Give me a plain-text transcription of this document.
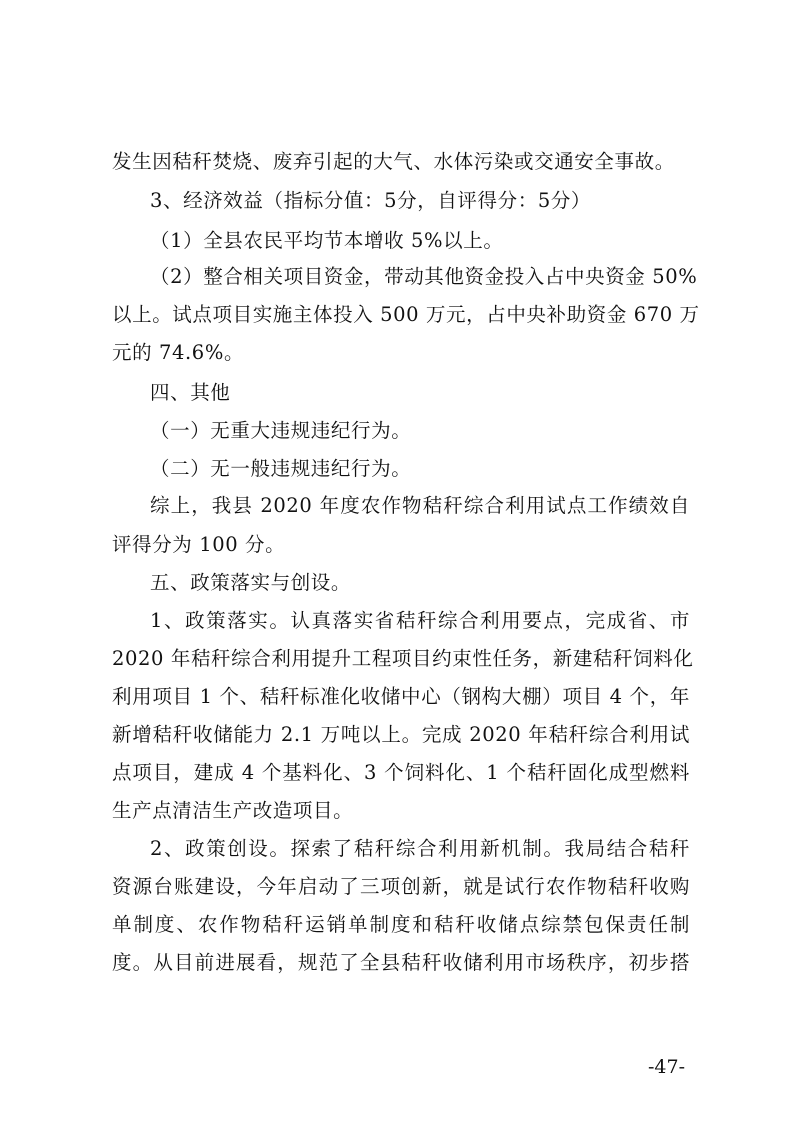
发生因秸秆焚烧、废弃引起的大气、水体污染或交通安全事故。
3、经济效益（指标分值：5分，自评得分：5分）
（1）全县农民平均节本增收 5%以上。
（2）整合相关项目资金，带动其他资金投入占中央资金 50%
以上。试点项目实施主体投入 500 万元，占中央补助资金 670 万
元的 74.6%。
四、其他
（一）无重大违规违纪行为。
（二）无一般违规违纪行为。
综上，我县 2020 年度农作物秸秆综合利用试点工作绩效自
评得分为 100 分。
五、政策落实与创设。
1、政策落实。认真落实省秸秆综合利用要点，完成省、市
2020 年秸秆综合利用提升工程项目约束性任务，新建秸秆饲料化
利用项目 1 个、秸秆标准化收储中心（钢构大棚）项目 4 个，年
新增秸秆收储能力 2.1 万吨以上。完成 2020 年秸秆综合利用试
点项目，建成 4 个基料化、3 个饲料化、1 个秸秆固化成型燃料
生产点清洁生产改造项目。
2、政策创设。探索了秸秆综合利用新机制。我局结合秸秆
资源台账建设，今年启动了三项创新，就是试行农作物秸秆收购
单制度、农作物秸秆运销单制度和秸秆收储点综禁包保责任制
度。从目前进展看，规范了全县秸秆收储利用市场秩序，初步搭
-47-
